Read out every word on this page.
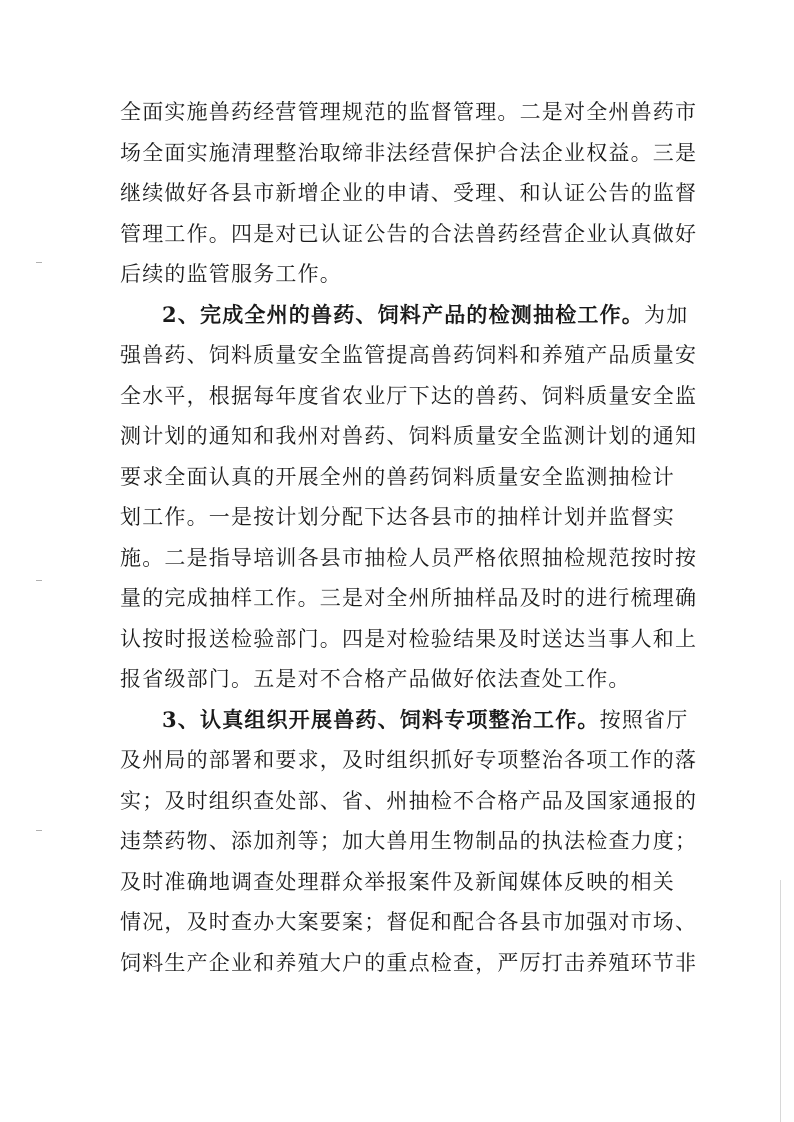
全面实施兽药经营管理规范的监督管理。二是对全州兽药市
场全面实施清理整治取缔非法经营保护合法企业权益。三是
继续做好各县市新增企业的申请、受理、和认证公告的监督
管理工作。四是对已认证公告的合法兽药经营企业认真做好
后续的监管服务工作。
2、完成全州的兽药、饲料产品的检测抽检工作。为加
强兽药、饲料质量安全监管提高兽药饲料和养殖产品质量安
全水平，根据每年度省农业厅下达的兽药、饲料质量安全监
测计划的通知和我州对兽药、饲料质量安全监测计划的通知
要求全面认真的开展全州的兽药饲料质量安全监测抽检计
划工作。一是按计划分配下达各县市的抽样计划并监督实
施。二是指导培训各县市抽检人员严格依照抽检规范按时按
量的完成抽样工作。三是对全州所抽样品及时的进行梳理确
认按时报送检验部门。四是对检验结果及时送达当事人和上
报省级部门。五是对不合格产品做好依法查处工作。
3、认真组织开展兽药、饲料专项整治工作。按照省厅
及州局的部署和要求，及时组织抓好专项整治各项工作的落
实；及时组织查处部、省、州抽检不合格产品及国家通报的
违禁药物、添加剂等；加大兽用生物制品的执法检查力度；
及时准确地调查处理群众举报案件及新闻媒体反映的相关
情况，及时查办大案要案；督促和配合各县市加强对市场、
饲料生产企业和养殖大户的重点检查，严厉打击养殖环节非
